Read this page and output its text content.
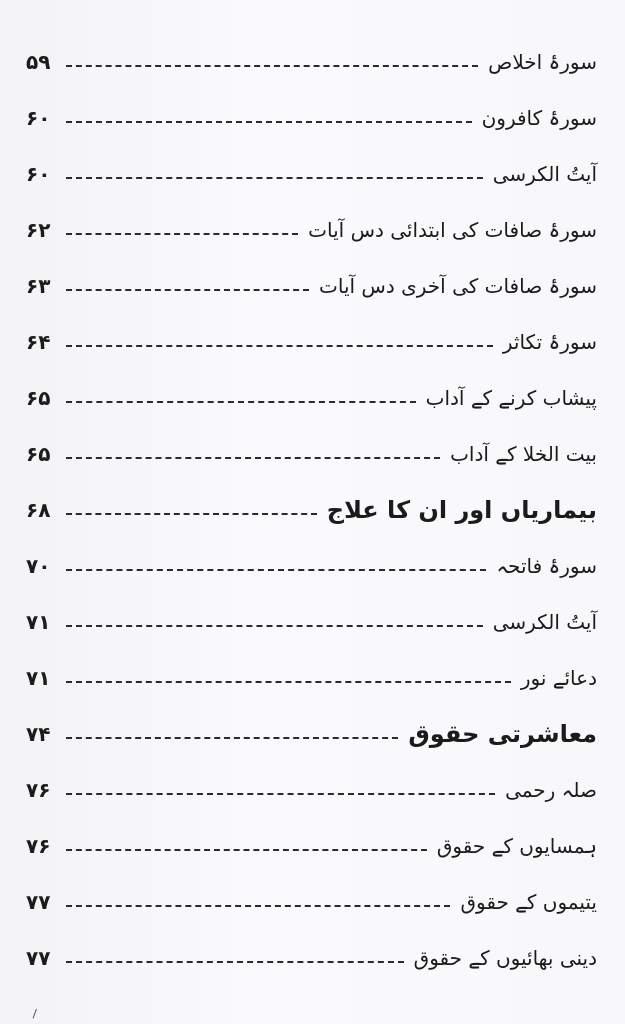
سورۂ اخلاص
۵۹
سورۂ کافرون
۶۰
آیتُ الکرسی
۶۰
سورۂ صافات کی ابتدائی دس آیات
۶۲
سورۂ صافات کی آخری دس آیات
۶۳
سورۂ تکاثر
۶۴
پیشاب کرنے کے آداب
۶۵
بیت الخلا کے آداب
۶۵
بیماریاں اور ان کا علاج
۶۸
سورۂ فاتحہ
۷۰
آیتُ الکرسی
۷۱
دعائے نور
۷۱
معاشرتی حقوق
۷۴
صلہ رحمی
۷۶
ہمسایوں کے حقوق
۷۶
یتیموں کے حقوق
۷۷
دینی بھائیوں کے حقوق
۷۷
